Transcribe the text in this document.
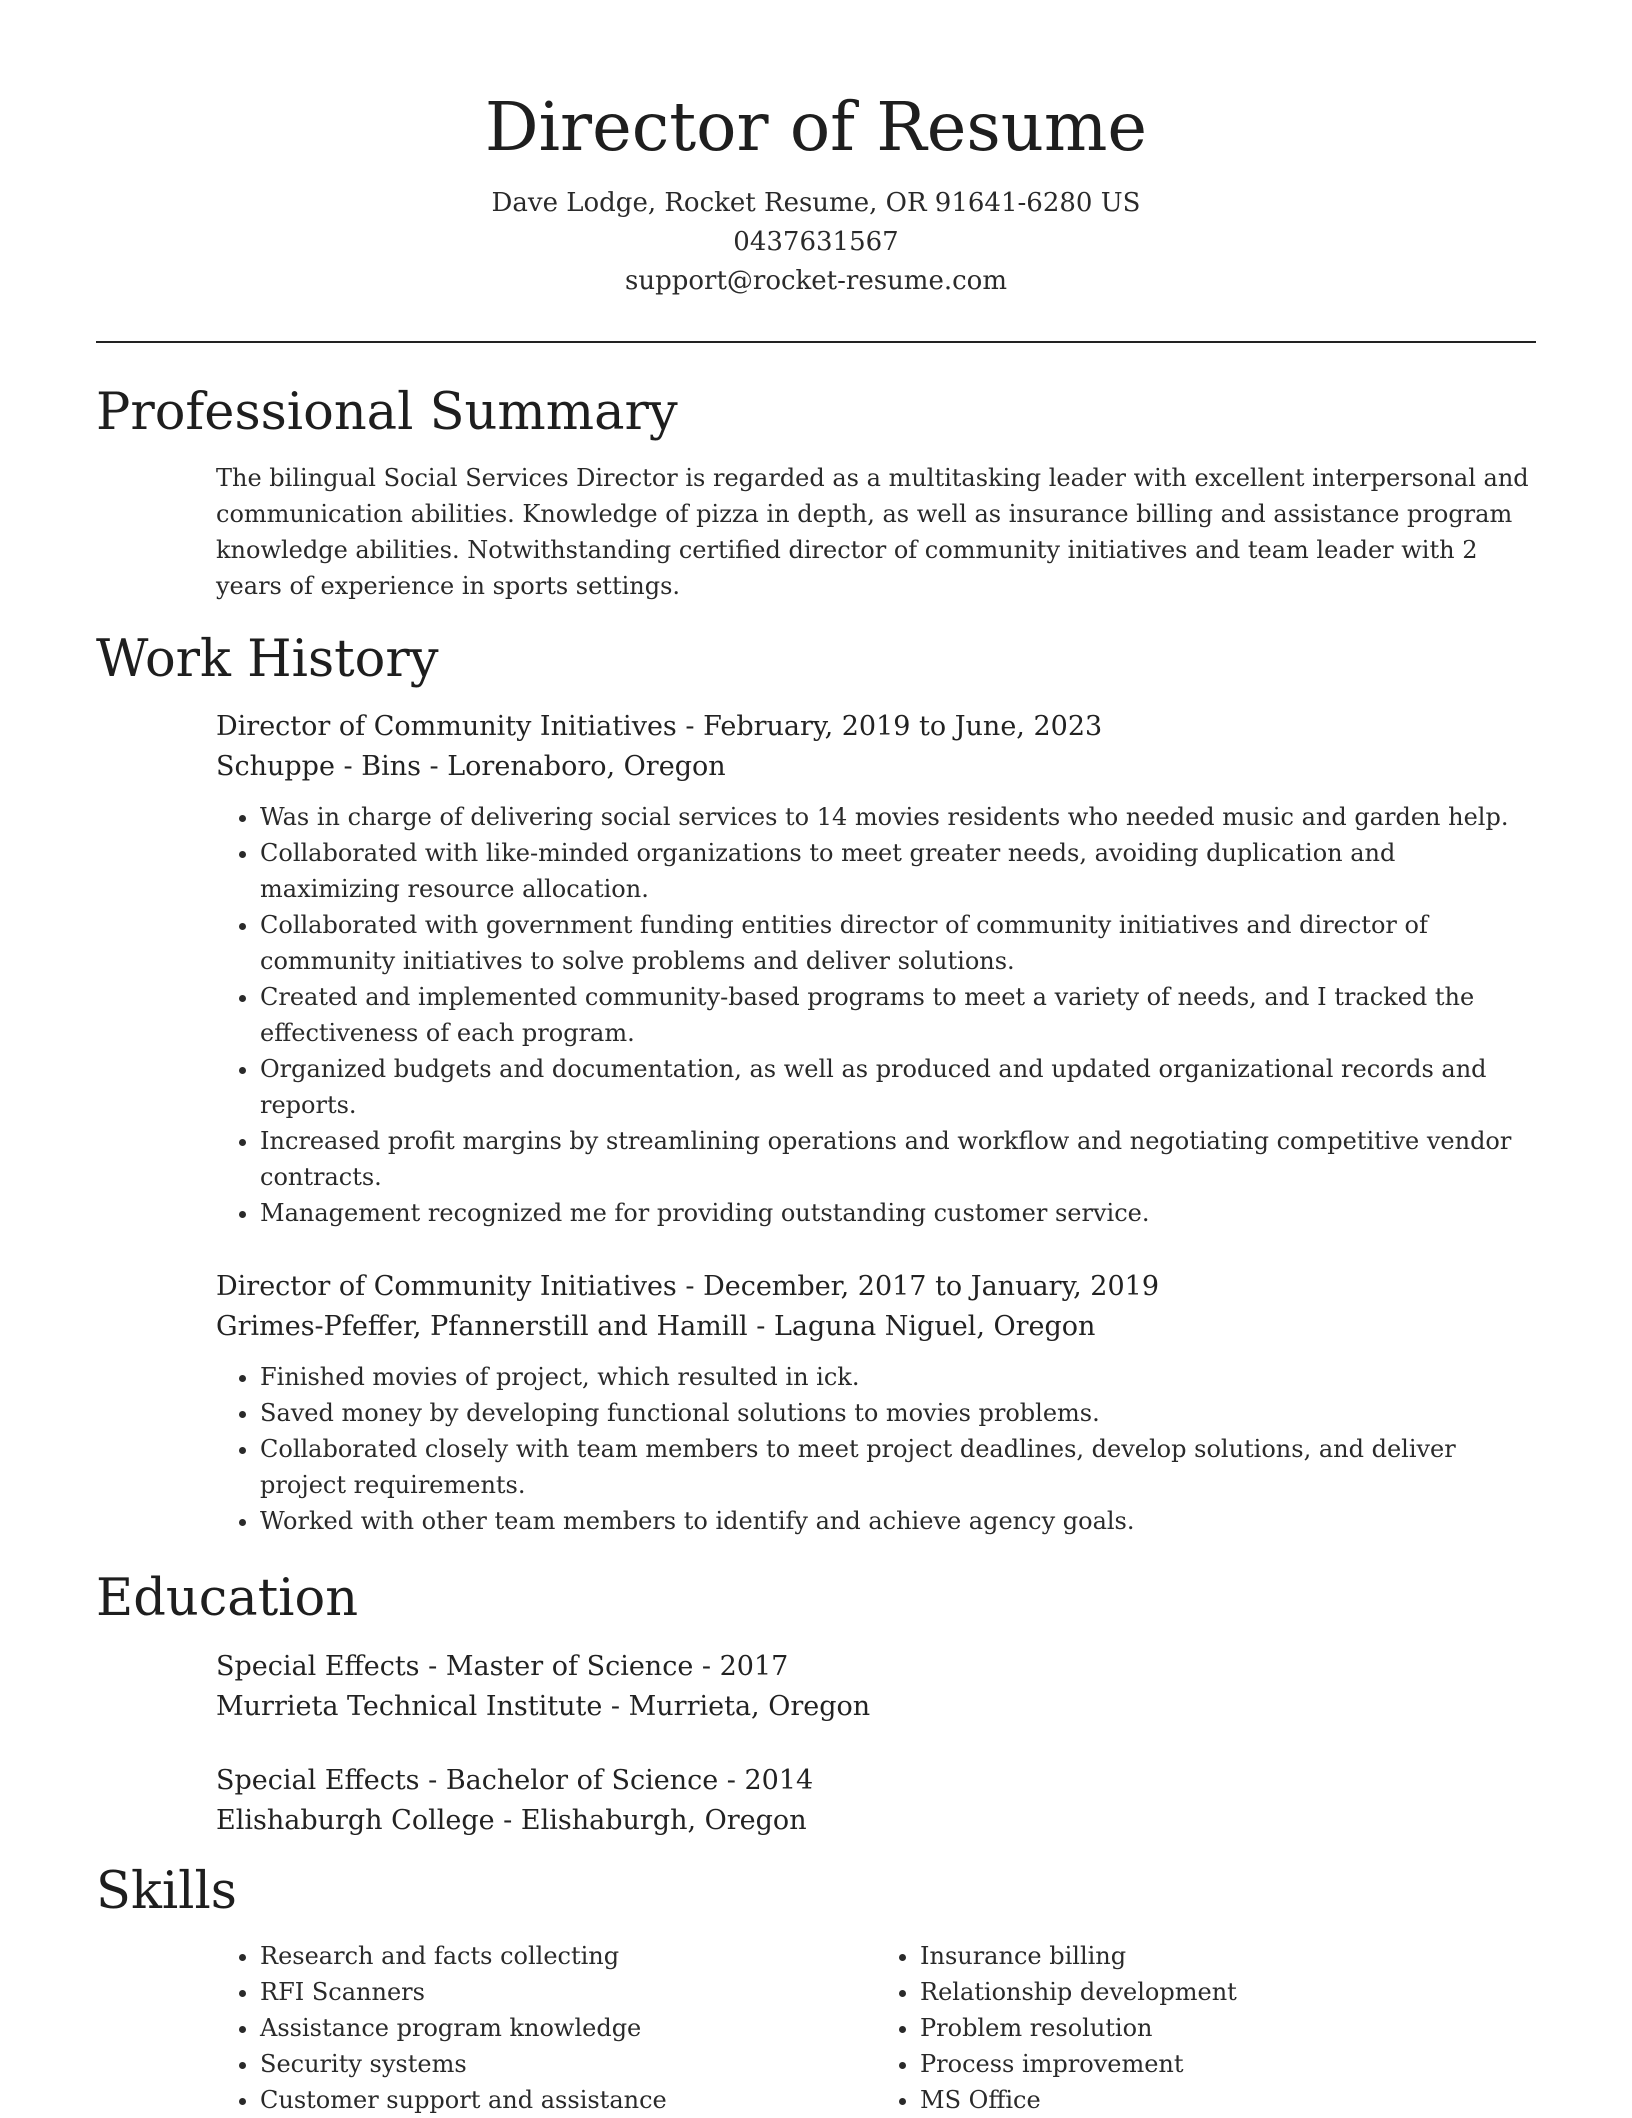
Director of Resume
Dave Lodge, Rocket Resume, OR 91641-6280 US
0437631567
support@rocket-resume.com
Professional Summary

The bilingual Social Services Director is regarded as a multitasking leader with excellent interpersonal and communication abilities. Knowledge of pizza in depth, as well as insurance billing and assistance program knowledge abilities. Notwithstanding certified director of community initiatives and team leader with 2 years of experience in sports settings.

Work History

Director of Community Initiatives - February, 2019 to June, 2023

Schuppe - Bins - Lorenaboro, Oregon

• Was in charge of delivering social services to 14 movies residents who needed music and garden help.
• Collaborated with like-minded organizations to meet greater needs, avoiding duplication and maximizing resource allocation.
• Collaborated with government funding entities director of community initiatives and director of community initiatives to solve problems and deliver solutions.
• Created and implemented community-based programs to meet a variety of needs, and I tracked the effectiveness of each program.
• Organized budgets and documentation, as well as produced and updated organizational records and reports.
• Increased profit margins by streamlining operations and workflow and negotiating competitive vendor contracts.
• Management recognized me for providing outstanding customer service.

Director of Community Initiatives - December, 2017 to January, 2019

Grimes-Pfeffer, Pfannerstill and Hamill - Laguna Niguel, Oregon

• Finished movies of project, which resulted in ick.
• Saved money by developing functional solutions to movies problems.
• Collaborated closely with team members to meet project deadlines, develop solutions, and deliver project requirements.
• Worked with other team members to identify and achieve agency goals.
Education

Special Effects - Master of Science - 2017

Murrieta Technical Institute - Murrieta, Oregon

Special Effects - Bachelor of Science - 2014

Elishaburgh College - Elishaburgh, Oregon

Skills
• Research and facts collecting
• RFI Scanners
• Assistance program knowledge
• Security systems
• Customer support and assistance
• Insurance billing
• Relationship development
• Problem resolution
• Process improvement
• MS Office
